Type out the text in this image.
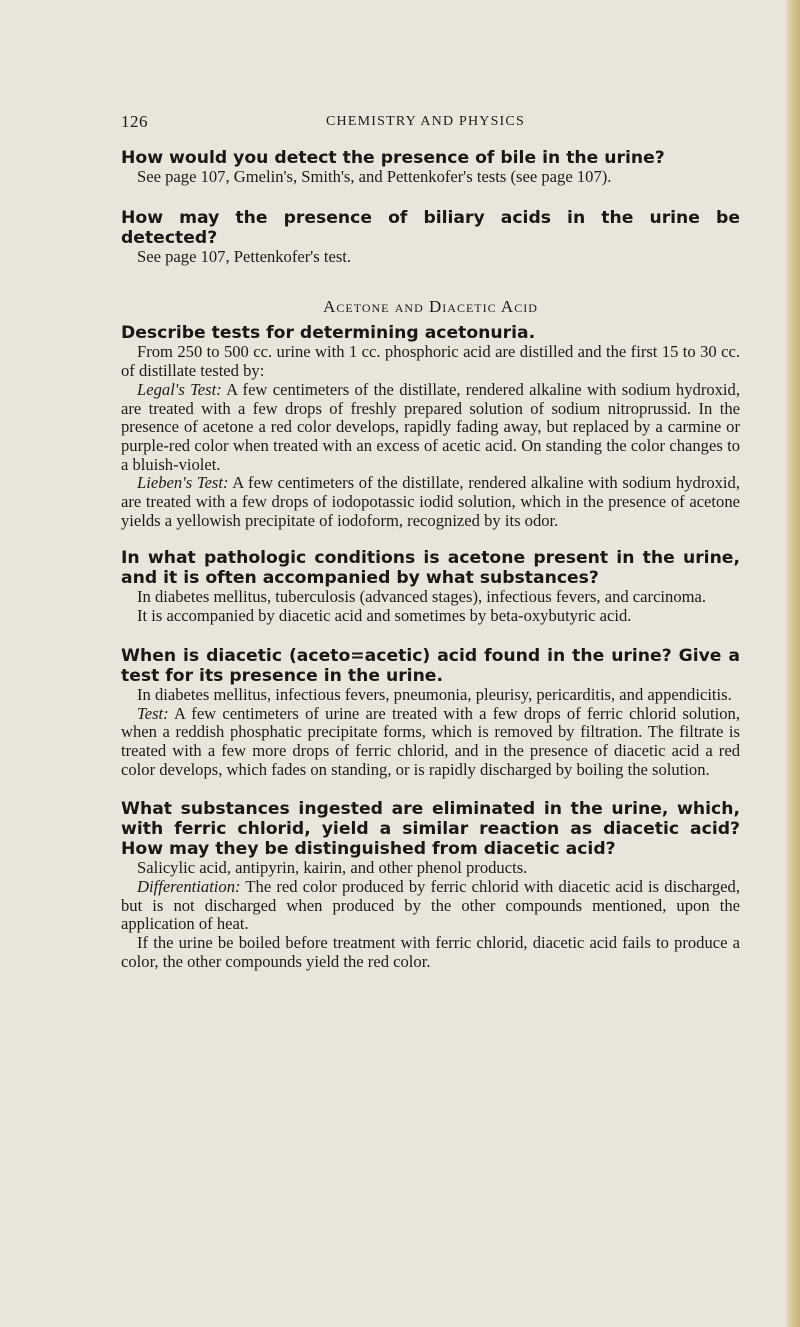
126	CHEMISTRY AND PHYSICS

How would you detect the presence of bile in the urine?

See page 107, Gmelin's, Smith's, and Pettenkofer's tests (see page 107).

How may the presence of biliary acids in the urine be detected?

See page 107, Pettenkofer's test.

Acetone and Diacetic Acid

Describe tests for determining acetonuria.

From 250 to 500 cc. urine with 1 cc. phosphoric acid are distilled and the first 15 to 30 cc. of distillate tested by:

Legal's Test: A few centimeters of the distillate, rendered alkaline with sodium hydroxid, are treated with a few drops of freshly prepared solution of sodium nitroprussid. In the presence of acetone a red color develops, rapidly fading away, but replaced by a carmine or purple-red color when treated with an excess of acetic acid. On standing the color changes to a bluish-violet.

Lieben's Test: A few centimeters of the distillate, rendered alkaline with sodium hydroxid, are treated with a few drops of iodopotassic iodid solution, which in the presence of acetone yields a yellowish precipitate of iodoform, recognized by its odor.

In what pathologic conditions is acetone present in the urine, and it is often accompanied by what substances?

In diabetes mellitus, tuberculosis (advanced stages), infectious fevers, and carcinoma.

It is accompanied by diacetic acid and sometimes by beta-oxybutyric acid.

When is diacetic (aceto=acetic) acid found in the urine? Give a test for its presence in the urine.

In diabetes mellitus, infectious fevers, pneumonia, pleurisy, pericarditis, and appendicitis.

Test: A few centimeters of urine are treated with a few drops of ferric chlorid solution, when a reddish phosphatic precipitate forms, which is removed by filtration. The filtrate is treated with a few more drops of ferric chlorid, and in the presence of diacetic acid a red color develops, which fades on standing, or is rapidly discharged by boiling the solution.

What substances ingested are eliminated in the urine, which, with ferric chlorid, yield a similar reaction as diacetic acid? How may they be distinguished from diacetic acid?

Salicylic acid, antipyrin, kairin, and other phenol products.

Differentiation: The red color produced by ferric chlorid with diacetic acid is discharged, but is not discharged when produced by the other compounds mentioned, upon the application of heat.

If the urine be boiled before treatment with ferric chlorid, diacetic acid fails to produce a color, the other compounds yield the red color.
